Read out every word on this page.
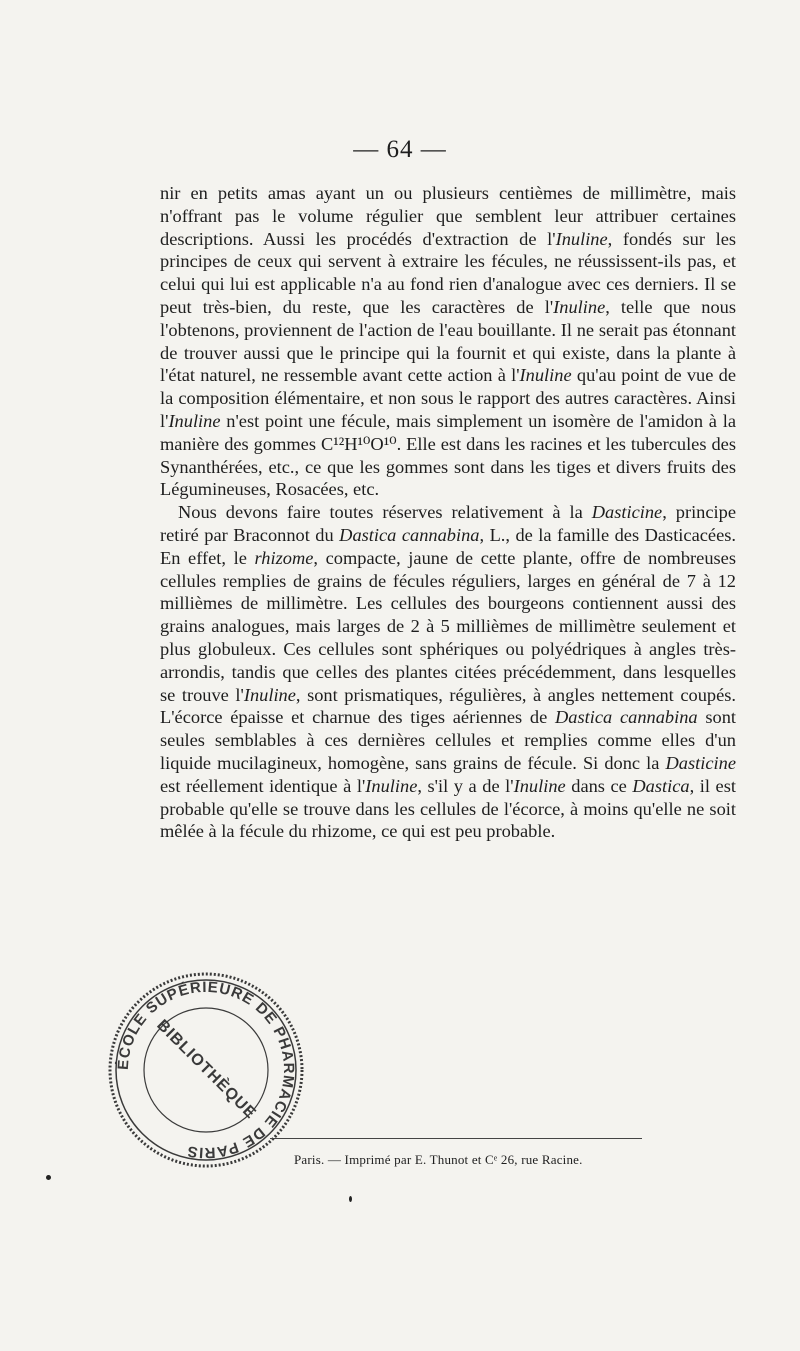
— 64 —

nir en petits amas ayant un ou plusieurs centièmes de millimètre, mais n'offrant pas le volume régulier que semblent leur attribuer certaines descriptions. Aussi les procédés d'extraction de l'Inuline, fondés sur les principes de ceux qui servent à extraire les fécules, ne réussissent-ils pas, et celui qui lui est applicable n'a au fond rien d'analogue avec ces derniers. Il se peut très-bien, du reste, que les caractères de l'Inuline, telle que nous l'obtenons, proviennent de l'action de l'eau bouillante. Il ne serait pas étonnant de trouver aussi que le principe qui la fournit et qui existe, dans la plante à l'état naturel, ne ressemble avant cette action à l'Inuline qu'au point de vue de la composition élémentaire, et non sous le rapport des autres caractères. Ainsi l'Inuline n'est point une fécule, mais simplement un isomère de l'amidon à la manière des gommes C¹²H¹⁰O¹⁰. Elle est dans les racines et les tubercules des Synanthérées, etc., ce que les gommes sont dans les tiges et divers fruits des Légumineuses, Rosacées, etc.

Nous devons faire toutes réserves relativement à la Dasticine, principe retiré par Braconnot du Dastica cannabina, L., de la famille des Dasticacées. En effet, le rhizome, compacte, jaune de cette plante, offre de nombreuses cellules remplies de grains de fécules réguliers, larges en général de 7 à 12 millièmes de millimètre. Les cellules des bourgeons contiennent aussi des grains analogues, mais larges de 2 à 5 millièmes de millimètre seulement et plus globuleux. Ces cellules sont sphériques ou polyédriques à angles très-arrondis, tandis que celles des plantes citées précédemment, dans lesquelles se trouve l'Inuline, sont prismatiques, régulières, à angles nettement coupés. L'écorce épaisse et charnue des tiges aériennes de Dastica cannabina sont seules semblables à ces dernières cellules et remplies comme elles d'un liquide mucilagineux, homogène, sans grains de fécule. Si donc la Dasticine est réellement identique à l'Inuline, s'il y a de l'Inuline dans ce Dastica, il est probable qu'elle se trouve dans les cellules de l'écorce, à moins qu'elle ne soit mêlée à la fécule du rhizome, ce qui est peu probable.

ÉCOLE SUPÉRIEURE DE PHARMACIE DE PARIS
BIBLIOTHÈQUE
Paris. — Imprimé par E. Thunot et Cᵉ 26, rue Racine.
